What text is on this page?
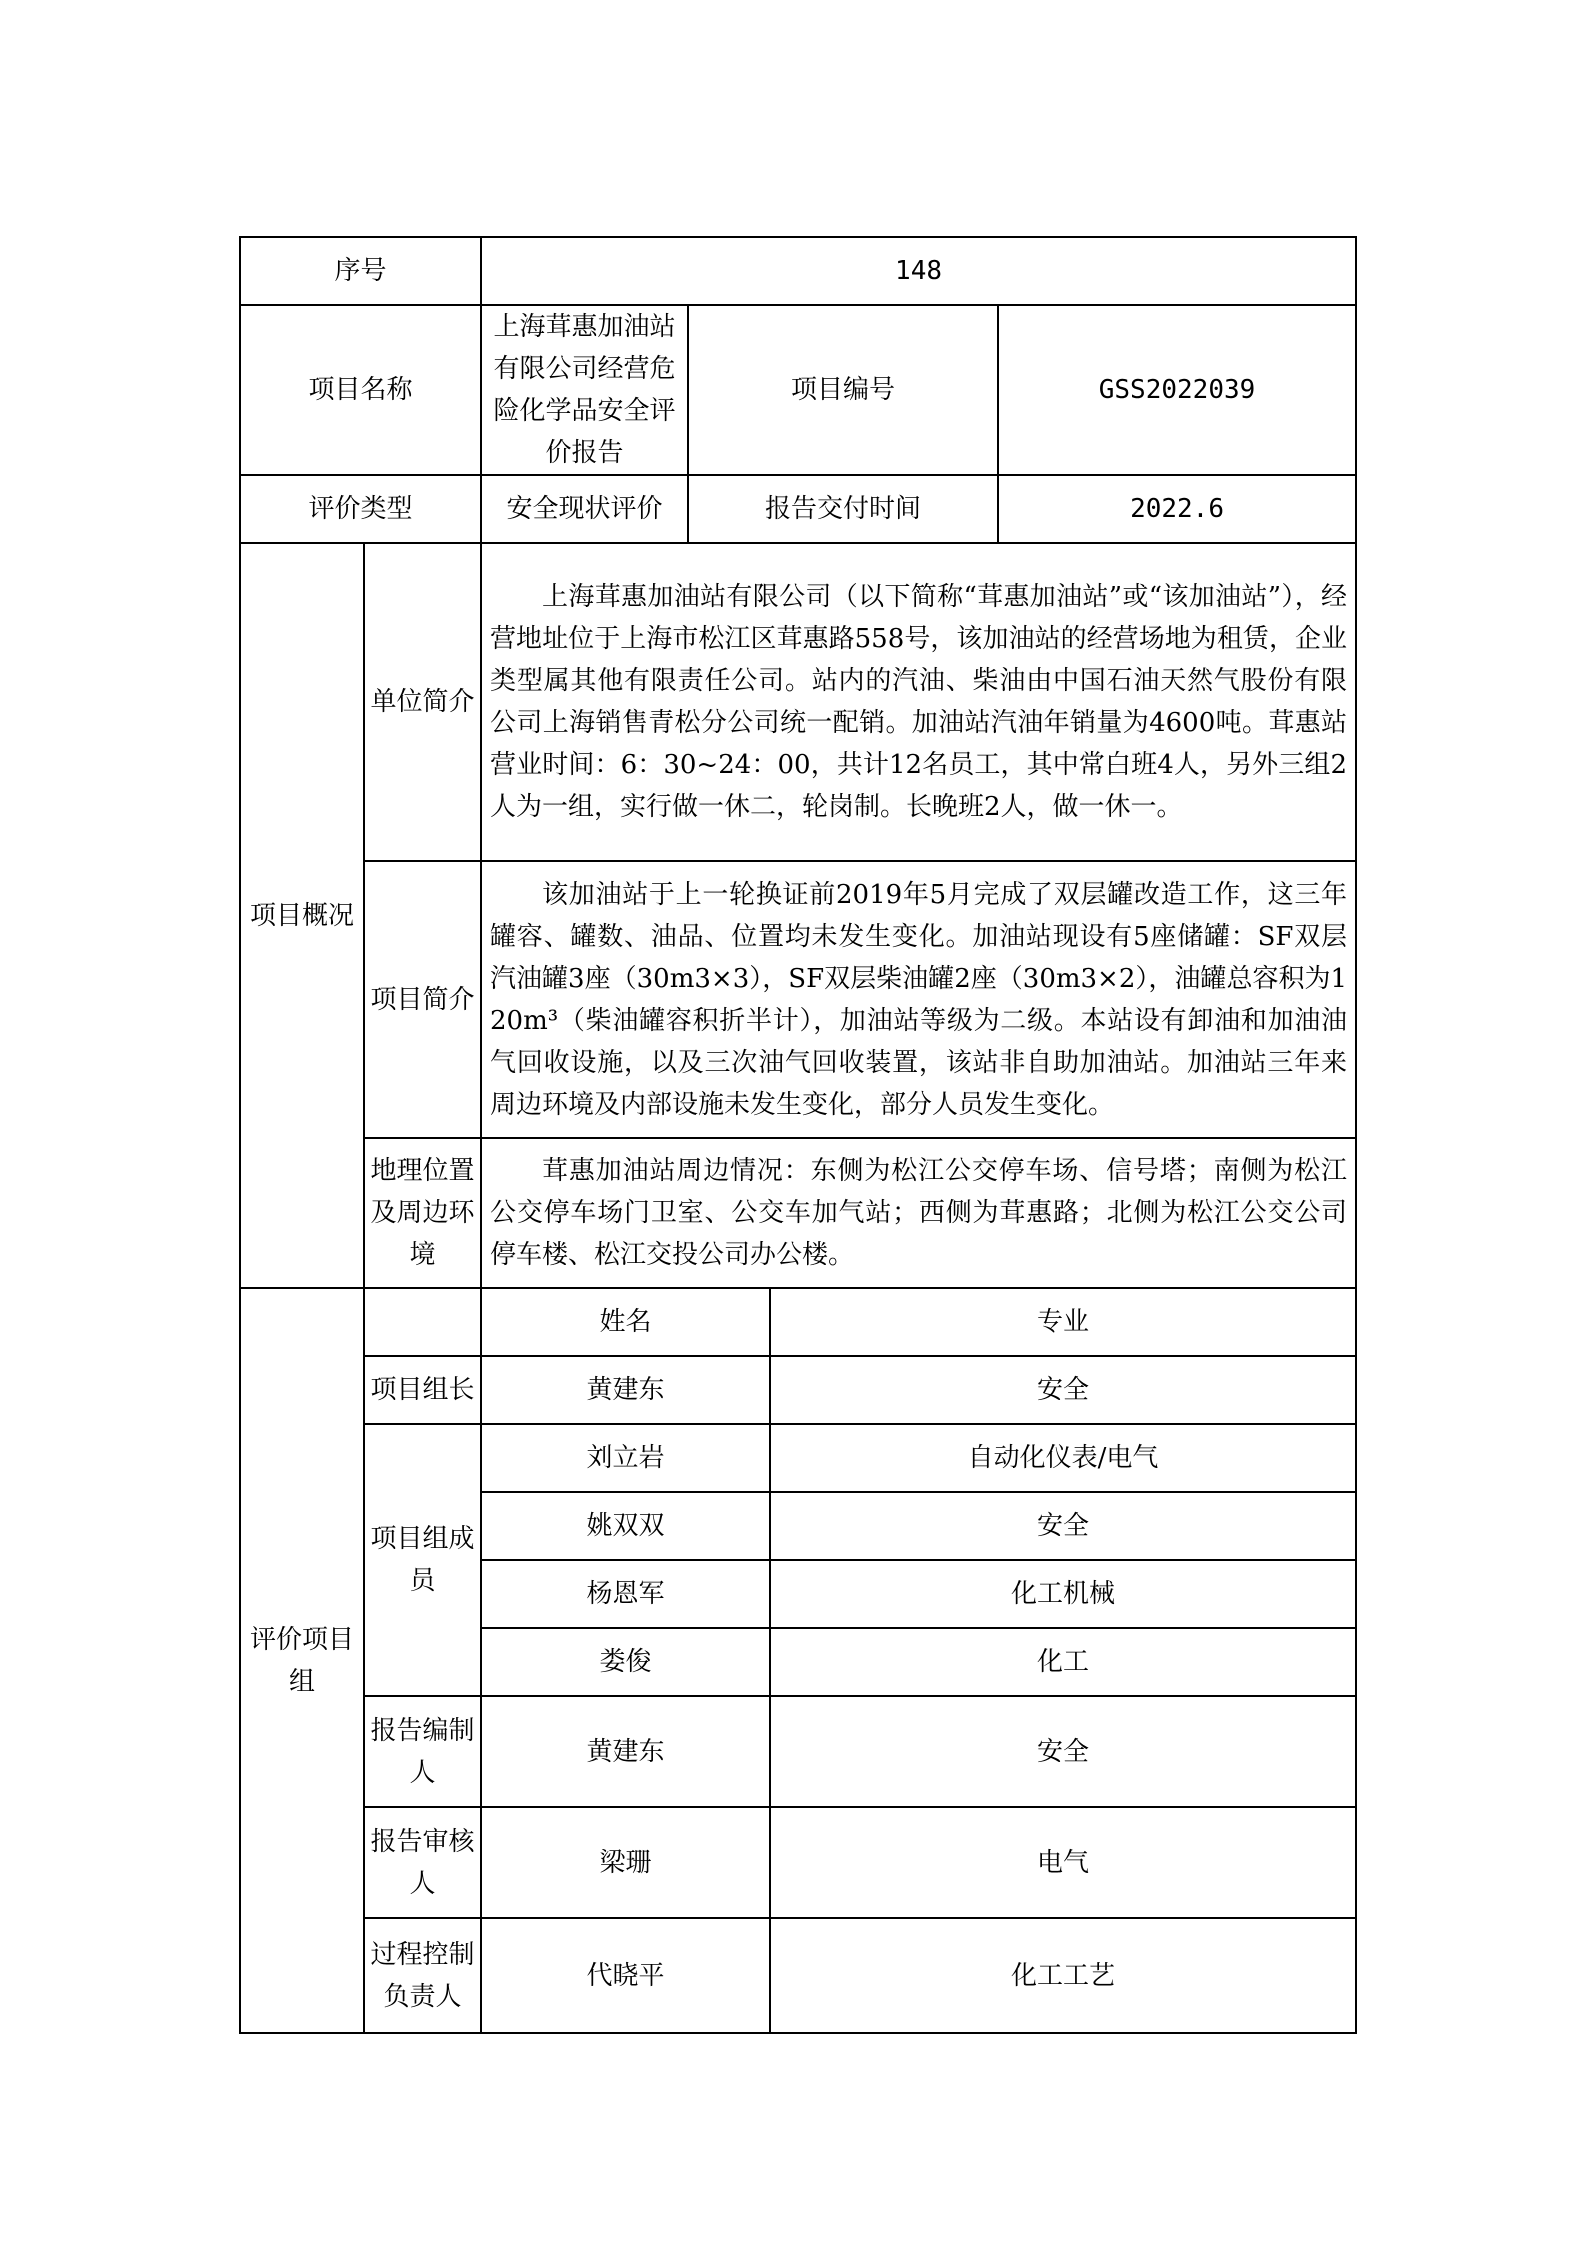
序号		148			
项目名称		上海茸惠加油站有限公司经营危险化学品安全评价报告	项目编号		GSS2022039
评价类型		安全现状评价	报告交付时间		2022.6
项目概况	单位简介	上海茸惠加油站有限公司（以下简称“茸惠加油站”或“该加油站”），经营地址位于上海市松江区茸惠路558号，该加油站的经营场地为租赁，企业类型属其他有限责任公司。站内的汽油、柴油由中国石油天然气股份有限公司上海销售青松分公司统一配销。加油站汽油年销量为4600吨。茸惠站营业时间：6：30~24：00，共计12名员工，其中常白班4人，另外三组2人为一组，实行做一休二，轮岗制。长晚班2人，做一休一。			
	项目简介	该加油站于上一轮换证前2019年5月完成了双层罐改造工作，这三年罐容、罐数、油品、位置均未发生变化。加油站现设有5座储罐：SF双层汽油罐3座（30m3×3），SF双层柴油罐2座（30m3×2），油罐总容积为120m³（柴油罐容积折半计），加油站等级为二级。本站设有卸油和加油油气回收设施，以及三次油气回收装置，该站非自助加油站。加油站三年来周边环境及内部设施未发生变化，部分人员发生变化。			
	地理位置及周边环境	茸惠加油站周边情况：东侧为松江公交停车场、信号塔；南侧为松江公交停车场门卫室、公交车加气站；西侧为茸惠路；北侧为松江公交公司停车楼、松江交投公司办公楼。			
评价项目组		姓名		专业	
	项目组长	黄建东		安全	
	项目组成员	刘立岩		自动化仪表/电气	
		姚双双		安全	
		杨恩军		化工机械	
		娄俊		化工	
	报告编制人	黄建东		安全	
	报告审核人	梁珊		电气	
	过程控制负责人	代晓平		化工工艺	
